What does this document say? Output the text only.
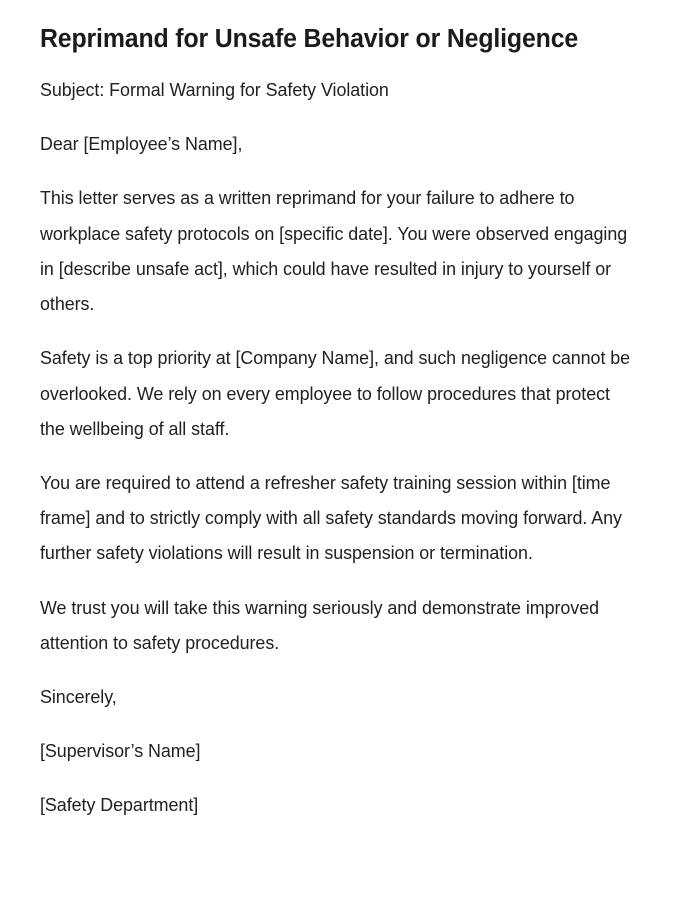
Reprimand for Unsafe Behavior or Negligence

Subject: Formal Warning for Safety Violation

Dear [Employee’s Name],

This letter serves as a written reprimand for your failure to adhere to workplace safety protocols on [specific date]. You were observed engaging in [describe unsafe act], which could have resulted in injury to yourself or others.

Safety is a top priority at [Company Name], and such negligence cannot be overlooked. We rely on every employee to follow procedures that protect the wellbeing of all staff.

You are required to attend a refresher safety training session within [time frame] and to strictly comply with all safety standards moving forward. Any further safety violations will result in suspension or termination.

We trust you will take this warning seriously and demonstrate improved attention to safety procedures.

Sincerely,

[Supervisor’s Name]

[Safety Department]
